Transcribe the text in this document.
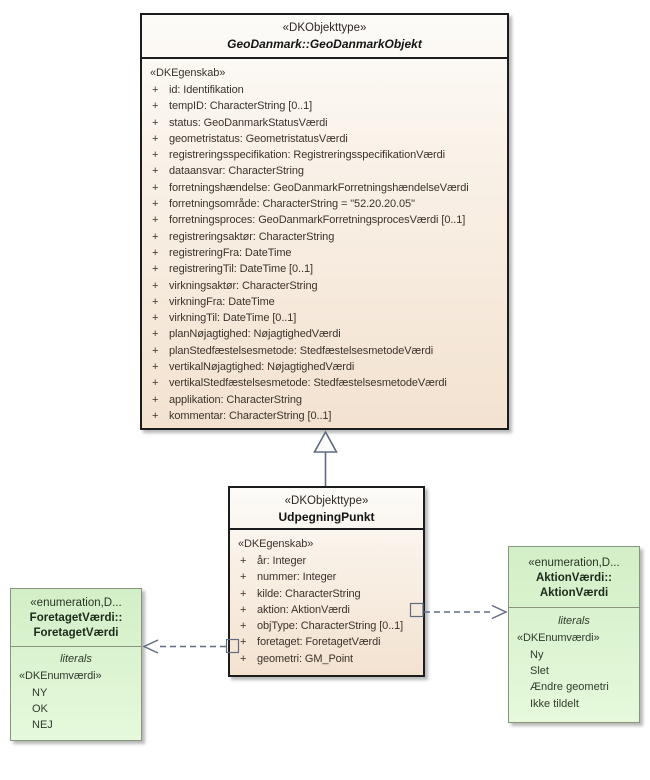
«DKObjekttype»
GeoDanmark::GeoDanmarkObjekt
«DKEgenskab»
+ id: Identifikation
+ tempID: CharacterString [0..1]
+ status: GeoDanmarkStatusVærdi
+ geometristatus: GeometristatusVærdi
+ registreringsspecifikation: RegistreringsspecifikationVærdi
+ dataansvar: CharacterString
+ forretningshændelse: GeoDanmarkForretningshændelseVærdi
+ forretningsområde: CharacterString = "52.20.20.05"
+ forretningsproces: GeoDanmarkForretningsprocesVærdi [0..1]
+ registreringsaktør: CharacterString
+ registreringFra: DateTime
+ registreringTil: DateTime [0..1]
+ virkningsaktør: CharacterString
+ virkningFra: DateTime
+ virkningTil: DateTime [0..1]
+ planNøjagtighed: NøjagtighedVærdi
+ planStedfæstelsesmetode: StedfæstelsesmetodeVærdi
+ vertikalNøjagtighed: NøjagtighedVærdi
+ vertikalStedfæstelsesmetode: StedfæstelsesmetodeVærdi
+ applikation: CharacterString
+ kommentar: CharacterString [0..1]
«DKObjekttype»
UdpegningPunkt
«DKEgenskab»
+ år: Integer
+ nummer: Integer
+ kilde: CharacterString
+ aktion: AktionVærdi
+ objType: CharacterString [0..1]
+ foretaget: ForetagetVærdi
+ geometri: GM_Point
«enumeration,D...
ForetagetVærdi::
ForetagetVærdi
literals
«DKEnumværdi»
NY
OK
NEJ
«enumeration,D...
AktionVærdi::
AktionVærdi
literals
«DKEnumværdi»
Ny
Slet
Ændre geometri
Ikke tildelt
